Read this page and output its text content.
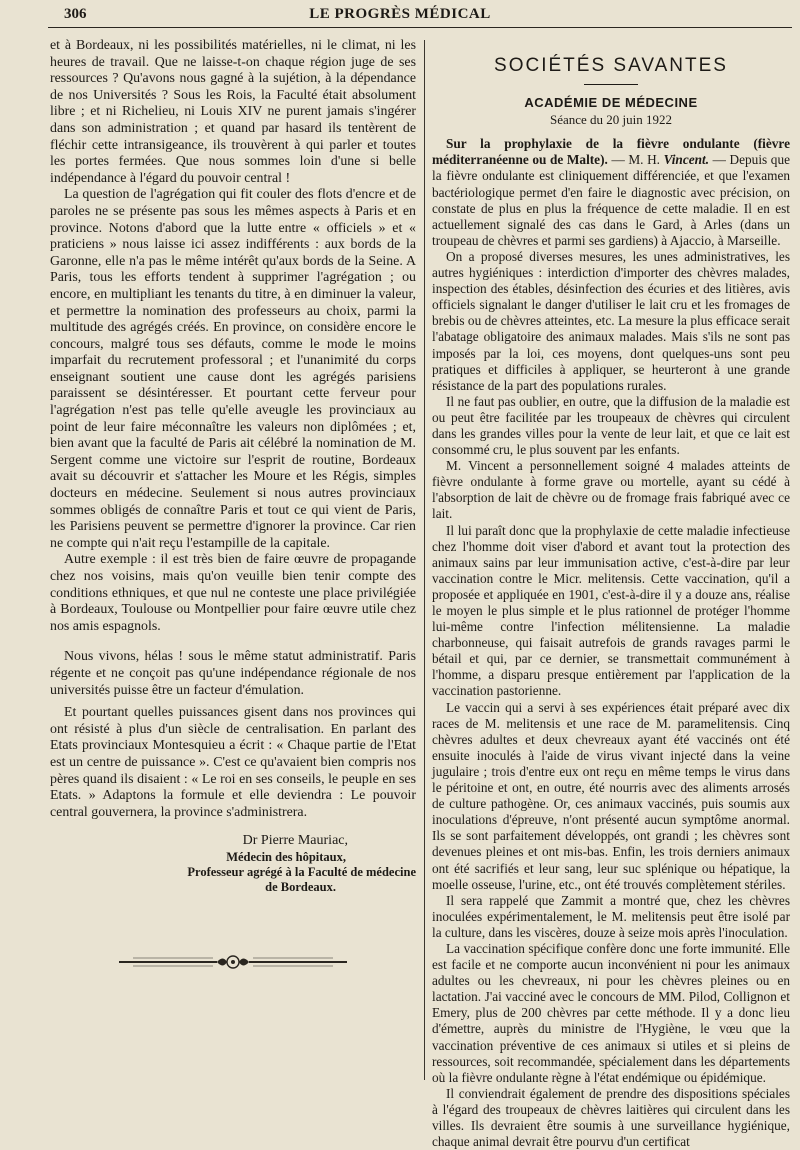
306	LE PROGRÈS MÉDICAL

et à Bordeaux, ni les possibilités matérielles, ni le climat, ni les heures de travail. Que ne laisse-t-on chaque région juge de ses ressources ? Qu'avons nous gagné à la sujétion, à la dépendance de nos Universités ? Sous les Rois, la Faculté était absolument libre ; et ni Richelieu, ni Louis XIV ne purent jamais s'ingérer dans son administration ; et quand par hasard ils tentèrent de fléchir cette intransigeance, ils trouvèrent à qui parler et toutes les portes fermées. Que nous sommes loin d'une si belle indépendance à l'égard du pouvoir central !

La question de l'agrégation qui fit couler des flots d'encre et de paroles ne se présente pas sous les mêmes aspects à Paris et en province. Notons d'abord que la lutte entre « officiels » et « praticiens » nous laisse ici assez indifférents : aux bords de la Garonne, elle n'a pas le même intérêt qu'aux bords de la Seine. A Paris, tous les efforts tendent à supprimer l'agrégation ; ou encore, en multipliant les tenants du titre, à en diminuer la valeur, et permettre la nomination des professeurs au choix, parmi la multitude des agrégés créés. En province, on considère encore le concours, malgré tous ses défauts, comme le mode le moins imparfait du recrutement professoral ; et l'unanimité du corps enseignant soutient une cause dont les agrégés parisiens paraissent se désintéresser. Et pourtant cette ferveur pour l'agrégation n'est pas telle qu'elle aveugle les provinciaux au point de leur faire méconnaître les valeurs non diplômées ; et, bien avant que la faculté de Paris ait célébré la nomination de M. Sergent comme une victoire sur l'esprit de routine, Bordeaux avait su découvrir et s'attacher les Moure et les Régis, simples docteurs en médecine. Seulement si nous autres provinciaux sommes obligés de connaître Paris et tout ce qui vient de Paris, les Parisiens peuvent se permettre d'ignorer la province. Car rien ne compte qui n'ait reçu l'estampille de la capitale.

Autre exemple : il est très bien de faire œuvre de propagande chez nos voisins, mais qu'on veuille bien tenir compte des conditions ethniques, et que nul ne conteste une place privilégiée à Bordeaux, Toulouse ou Montpellier pour faire œuvre utile chez nos amis espagnols.

Nous vivons, hélas ! sous le même statut administratif. Paris régente et ne conçoit pas qu'une indépendance régionale de nos universités puisse être un facteur d'émulation.

Et pourtant quelles puissances gisent dans nos provinces qui ont résisté à plus d'un siècle de centralisation. En parlant des Etats provinciaux Montesquieu a écrit : « Chaque partie de l'Etat est un centre de puissance ». C'est ce qu'avaient bien compris nos pères quand ils disaient : « Le roi en ses conseils, le peuple en ses Etats. » Adaptons la formule et elle deviendra : Le pouvoir central gouvernera, la province s'administrera.

Dr Pierre Mauriac,
Médecin des hôpitaux,
Professeur agrégé à la Faculté de médecine
de Bordeaux.
SOCIÉTÉS SAVANTES
ACADÉMIE DE MÉDECINE
Séance du 20 juin 1922

Sur la prophylaxie de la fièvre ondulante (fièvre méditerranéenne ou de Malte). — M. H. Vincent. — Depuis que la fièvre ondulante est cliniquement différenciée, et que l'examen bactériologique permet d'en faire le diagnostic avec précision, on constate de plus en plus la fréquence de cette maladie. Il en est actuellement signalé des cas dans le Gard, à Arles (dans un troupeau de chèvres et parmi ses gardiens) à Ajaccio, à Marseille.

On a proposé diverses mesures, les unes administratives, les autres hygiéniques : interdiction d'importer des chèvres malades, inspection des étables, désinfection des écuries et des litières, avis officiels signalant le danger d'utiliser le lait cru et les fromages de brebis ou de chèvres atteintes, etc. La mesure la plus efficace serait l'abatage obligatoire des animaux malades. Mais s'ils ne sont pas imposés par la loi, ces moyens, dont quelques-uns sont peu pratiques et difficiles à appliquer, se heurteront à une grande résistance de la part des populations rurales.

Il ne faut pas oublier, en outre, que la diffusion de la maladie est ou peut être facilitée par les troupeaux de chèvres qui circulent dans les grandes villes pour la vente de leur lait, et que ce lait est consommé cru, le plus souvent par les enfants.

M. Vincent a personnellement soigné 4 malades atteints de fièvre ondulante à forme grave ou mortelle, ayant su cédé à l'absorption de lait de chèvre ou de fromage frais fabriqué avec ce lait.

Il lui paraît donc que la prophylaxie de cette maladie infectieuse chez l'homme doit viser d'abord et avant tout la protection des animaux sains par leur immunisation active, c'est-à-dire par leur vaccination contre le Micr. melitensis. Cette vaccination, qu'il a proposée et appliquée en 1901, c'est-à-dire il y a douze ans, réalise le moyen le plus simple et le plus rationnel de protéger l'homme lui-même contre l'infection mélitensienne. La maladie charbonneuse, qui faisait autrefois de grands ravages parmi le bétail et qui, par ce dernier, se transmettait communément à l'homme, a disparu presque entièrement par l'application de la vaccination pastorienne.

Le vaccin qui a servi à ses expériences était préparé avec dix races de M. melitensis et une race de M. paramelitensis. Cinq chèvres adultes et deux chevreaux ayant été vaccinés ont été ensuite inoculés à l'aide de virus vivant injecté dans la veine jugulaire ; trois d'entre eux ont reçu en même temps le virus dans le péritoine et ont, en outre, été nourris avec des aliments arrosés de culture pathogène. Or, ces animaux vaccinés, puis soumis aux inoculations d'épreuve, n'ont présenté aucun symptôme anormal. Ils se sont parfaitement développés, ont grandi ; les chèvres sont devenues pleines et ont mis-bas. Enfin, les trois derniers animaux ont été sacrifiés et leur sang, leur suc splénique ou hépatique, la moelle osseuse, l'urine, etc., ont été trouvés complètement stériles.

Il sera rappelé que Zammit a montré que, chez les chèvres inoculées expérimentalement, le M. melitensis peut être isolé par la culture, dans les viscères, douze à seize mois après l'inoculation.

La vaccination spécifique confère donc une forte immunité. Elle est facile et ne comporte aucun inconvénient ni pour les animaux adultes ou les chevreaux, ni pour les chèvres pleines ou en lactation. J'ai vacciné avec le concours de MM. Pilod, Collignon et Emery, plus de 200 chèvres par cette méthode. Il y a donc lieu d'émettre, auprès du ministre de l'Hygiène, le vœu que la vaccination préventive de ces animaux si utiles et si pleins de ressources, soit recommandée, spécialement dans les départements où la fièvre ondulante règne à l'état endémique ou épidémique.

Il conviendrait également de prendre des dispositions spéciales à l'égard des troupeaux de chèvres laitières qui circulent dans les villes. Ils devraient être soumis à une surveillance hygiénique, chaque animal devrait être pourvu d'un certificat
